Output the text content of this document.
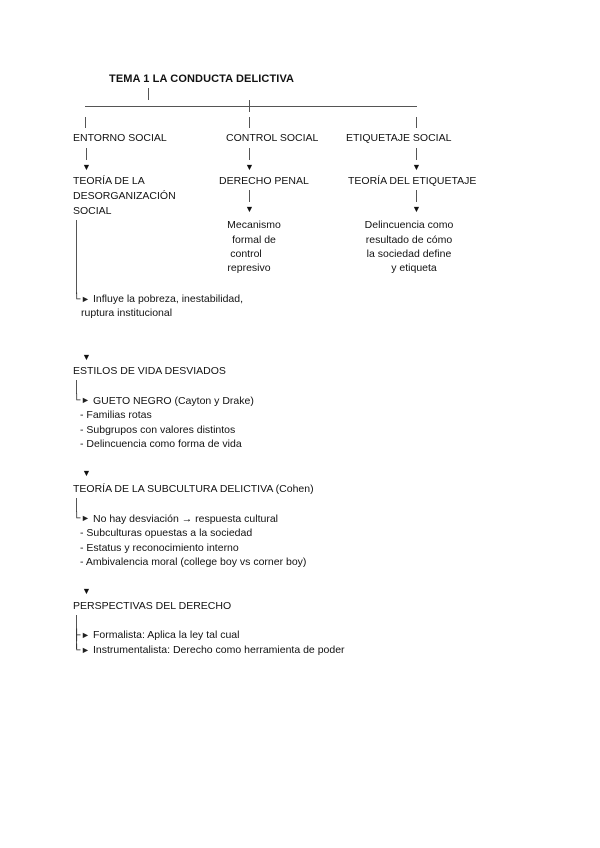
TEMA 1 LA CONDUCTA DELICTIVA
ENTORNO SOCIAL	CONTROL SOCIAL	ETIQUETAJE SOCIAL
▼	▼	▼
TEORÍA DE LA
DESORGANIZACIÓN
SOCIAL
└ ► Influye la pobreza, inestabilidad,
ruptura institucional
DERECHO PENAL
▼
Mecanismo
formal de
control
represivo
TEORÍA DEL ETIQUETAJE
▼
Delincuencia como
resultado de cómo
la sociedad define
y etiqueta
▼
ESTILOS DE VIDA DESVIADOS
└ ► GUETO NEGRO (Cayton y Drake)
- Familias rotas
- Subgrupos con valores distintos
- Delincuencia como forma de vida
▼
TEORÍA DE LA SUBCULTURA DELICTIVA (Cohen)
└ ► No hay desviación → respuesta cultural
- Subculturas opuestas a la sociedad
- Estatus y reconocimiento interno
- Ambivalencia moral (college boy vs corner boy)
▼
PERSPECTIVAS DEL DERECHO
├ ► Formalista: Aplica la ley tal cual
└ ► Instrumentalista: Derecho como herramienta de poder
